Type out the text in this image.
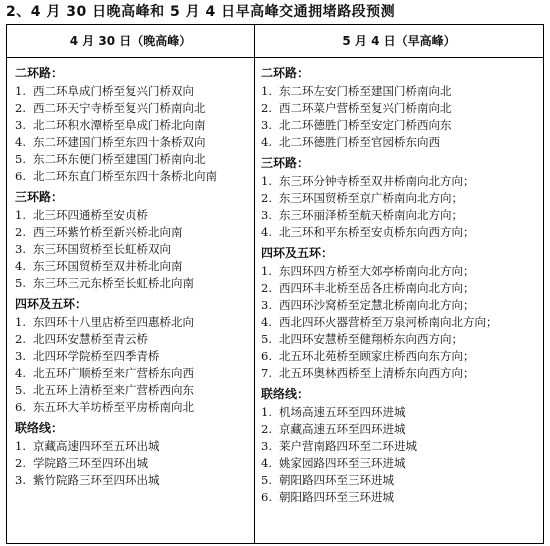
2、4 月 30 日晚高峰和 5 月 4 日早高峰交通拥堵路段预测
4 月 30 日（晚高峰）	5 月 4 日（早高峰）
二环路：
1. 西二环阜成门桥至复兴门桥双向
2. 西二环天宁寺桥至复兴门桥南向北
3. 北二环积水潭桥至阜成门桥北向南
4. 东二环建国门桥至东四十条桥双向
5. 东二环东便门桥至建国门桥南向北
6. 北二环东直门桥至东四十条桥北向南
三环路：
1. 北三环四通桥至安贞桥
2. 西三环紫竹桥至新兴桥北向南
3. 东三环国贸桥至长虹桥双向
4. 东三环国贸桥至双井桥北向南
5. 东三环三元东桥至长虹桥北向南
四环及五环：
1. 东四环十八里店桥至四惠桥北向
2. 北四环安慧桥至青云桥
3. 北四环学院桥至四季青桥
4. 北五环广顺桥至来广营桥东向西
5. 北五环上清桥至来广营桥西向东
6. 东五环大羊坊桥至平房桥南向北
联络线：
1. 京藏高速四环至五环出城
2. 学院路三环至四环出城
3. 紫竹院路三环至四环出城
二环路：
1. 东二环左安门桥至建国门桥南向北
2. 西二环菜户营桥至复兴门桥南向北
3. 北二环德胜门桥至安定门桥西向东
4. 北二环德胜门桥至官园桥东向西
三环路：
1. 东三环分钟寺桥至双井桥南向北方向；
2. 东三环国贸桥至京广桥南向北方向；
3. 东三环丽泽桥至航天桥南向北方向；
4. 北三环和平东桥至安贞桥东向西方向；
四环及五环：
1. 东四环四方桥至大郊亭桥南向北方向；
2. 西四环丰北桥至岳各庄桥南向北方向；
3. 西四环沙窝桥至定慧北桥南向北方向；
4. 西北四环火器营桥至万泉河桥南向北方向；
5. 北四环安慧桥至健翔桥东向西方向；
6. 北五环北苑桥至顾家庄桥西向东方向；
7. 北五环奥林西桥至上清桥东向西方向；
联络线：
1. 机场高速五环至四环进城
2. 京藏高速五环至四环进城
3. 莱户营南路四环至二环进城
4. 姚家园路四环至三环进城
5. 朝阳路四环至三环进城
6. 朝阳路四环至三环进城
